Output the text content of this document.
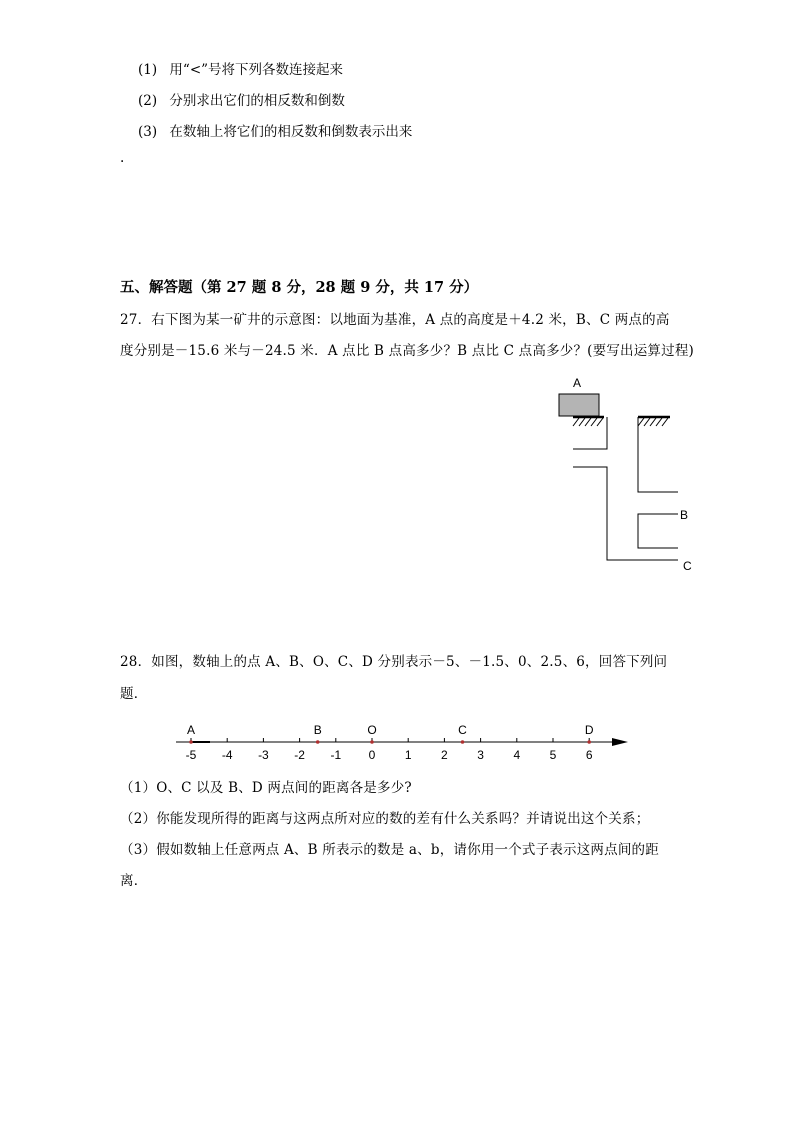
(1) 用“<”号将下列各数连接起来
(2) 分别求出它们的相反数和倒数
(3) 在数轴上将它们的相反数和倒数表示出来
.
五、解答题（第 27 题 8 分，28 题 9 分，共 17 分）
27．右下图为某一矿井的示意图：以地面为基准，A 点的高度是＋4.2 米，B、C 两点的高
度分别是－15.6 米与－24.5 米．A 点比 B 点高多少？B 点比 C 点高多少？(要写出运算过程)
A
B
C
28．如图，数轴上的点 A、B、O、C、D 分别表示－5、－1.5、0、2.5、6，回答下列问
题．
-5 -4 -3 -2 -1 0 1 2 3 4 5 6
A	B	O	C	D
（1）O、C 以及 B、D 两点间的距离各是多少?
（2）你能发现所得的距离与这两点所对应的数的差有什么关系吗？并请说出这个关系；
（3）假如数轴上任意两点 A、B 所表示的数是 a、b，请你用一个式子表示这两点间的距
离．
